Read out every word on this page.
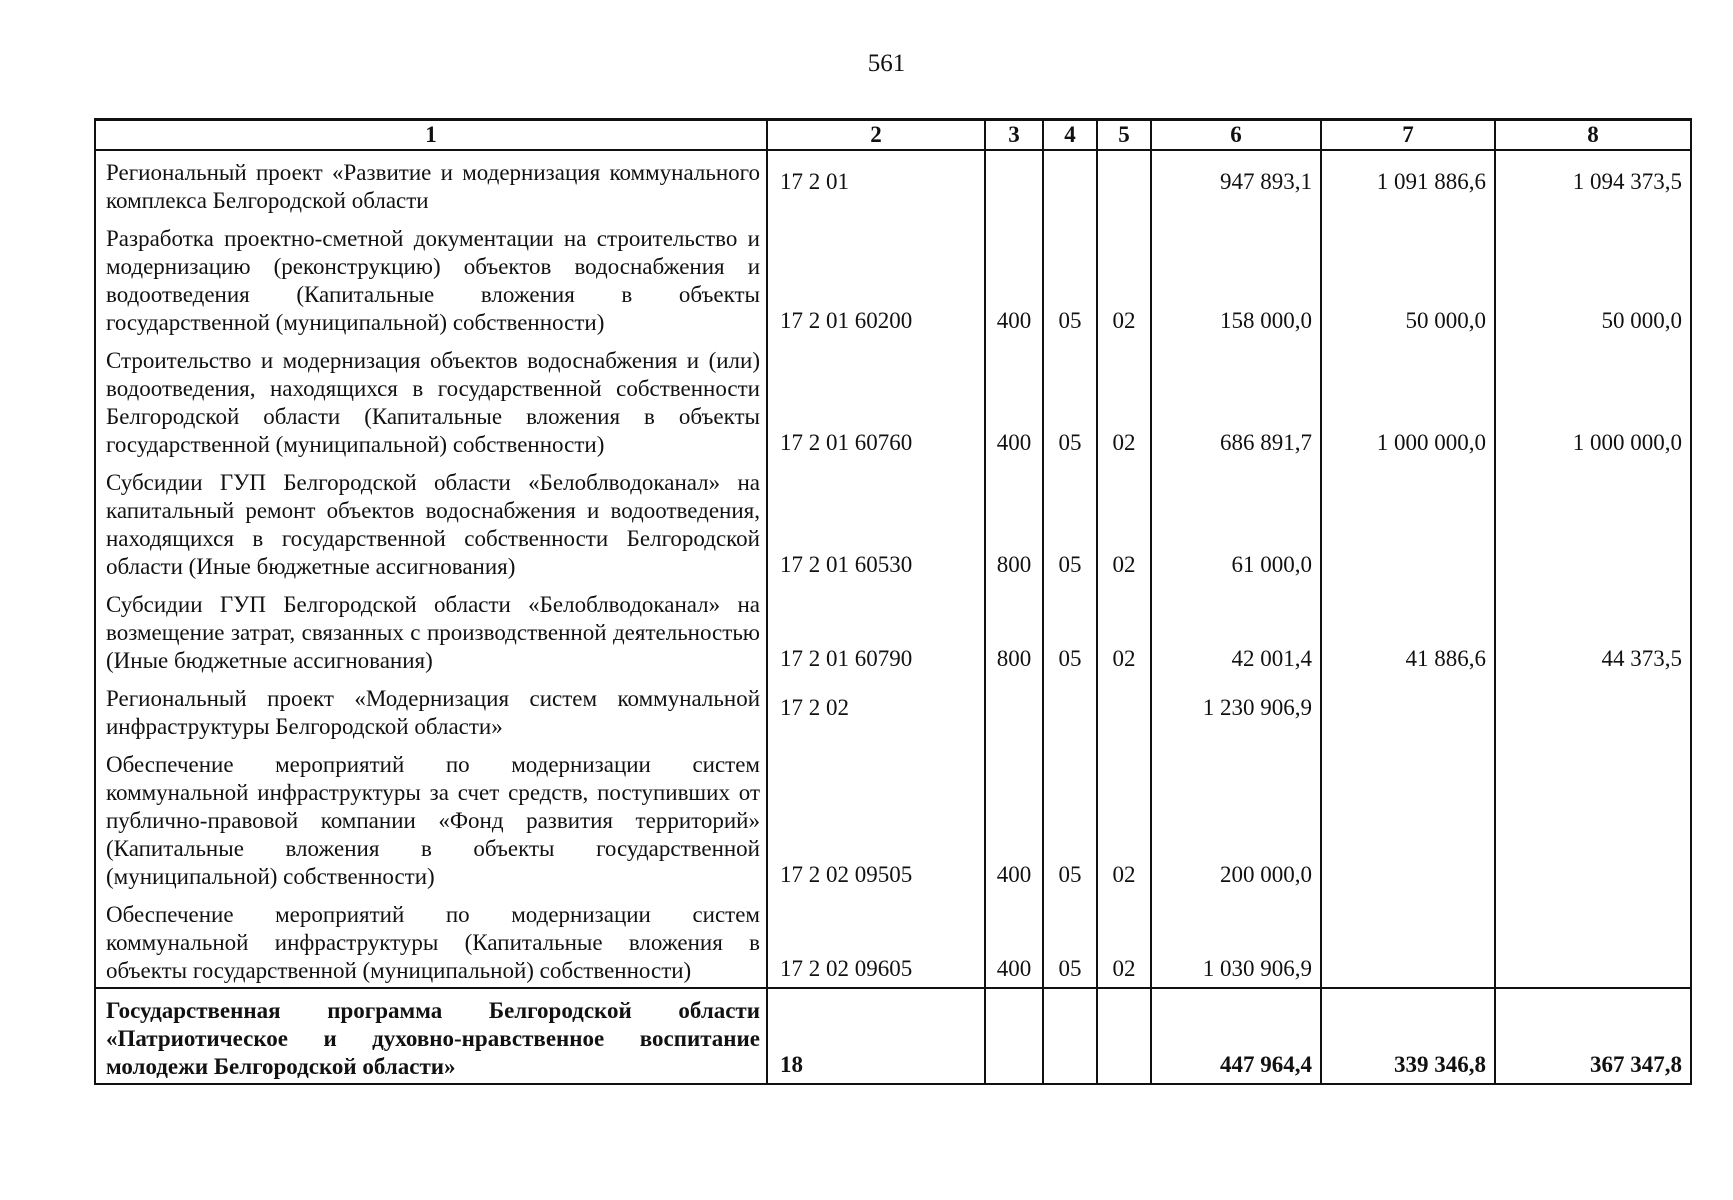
561
1	2	3	4	5	6	7	8
Региональный проект «Развитие и модернизация коммунального комплекса Белгородской области	17 2 01				947 893,1	1 091 886,6	1 094 373,5
Разработка проектно-сметной документации на строительство и модернизацию (реконструкцию) объектов водоснабжения и водоотведения (Капитальные вложения в объекты государственной (муниципальной) собственности)	17 2 01 60200	400	05	02	158 000,0	50 000,0	50 000,0
Строительство и модернизация объектов водоснабжения и (или) водоотведения, находящихся в государственной собственности Белгородской области (Капитальные вложения в объекты государственной (муниципальной) собственности)	17 2 01 60760	400	05	02	686 891,7	1 000 000,0	1 000 000,0
Субсидии ГУП Белгородской области «Белоблводоканал» на капитальный ремонт объектов водоснабжения и водоотведения, находящихся в государственной собственности Белгородской области (Иные бюджетные ассигнования)	17 2 01 60530	800	05	02	61 000,0		
Субсидии ГУП Белгородской области «Белоблводоканал» на возмещение затрат, связанных с производственной деятельностью (Иные бюджетные ассигнования)	17 2 01 60790	800	05	02	42 001,4	41 886,6	44 373,5
Региональный проект «Модернизация систем коммунальной инфраструктуры Белгородской области»	17 2 02				1 230 906,9		
Обеспечение мероприятий по модернизации систем коммунальной инфраструктуры за счет средств, поступивших от публично-правовой компании «Фонд развития территорий» (Капитальные вложения в объекты государственной (муниципальной) собственности)	17 2 02 09505	400	05	02	200 000,0		
Обеспечение мероприятий по модернизации систем коммунальной инфраструктуры (Капитальные вложения в объекты государственной (муниципальной) собственности)	17 2 02 09605	400	05	02	1 030 906,9		
Государственная программа Белгородской области «Патриотическое и духовно-нравственное воспитание молодежи Белгородской области»	18				447 964,4	339 346,8	367 347,8
